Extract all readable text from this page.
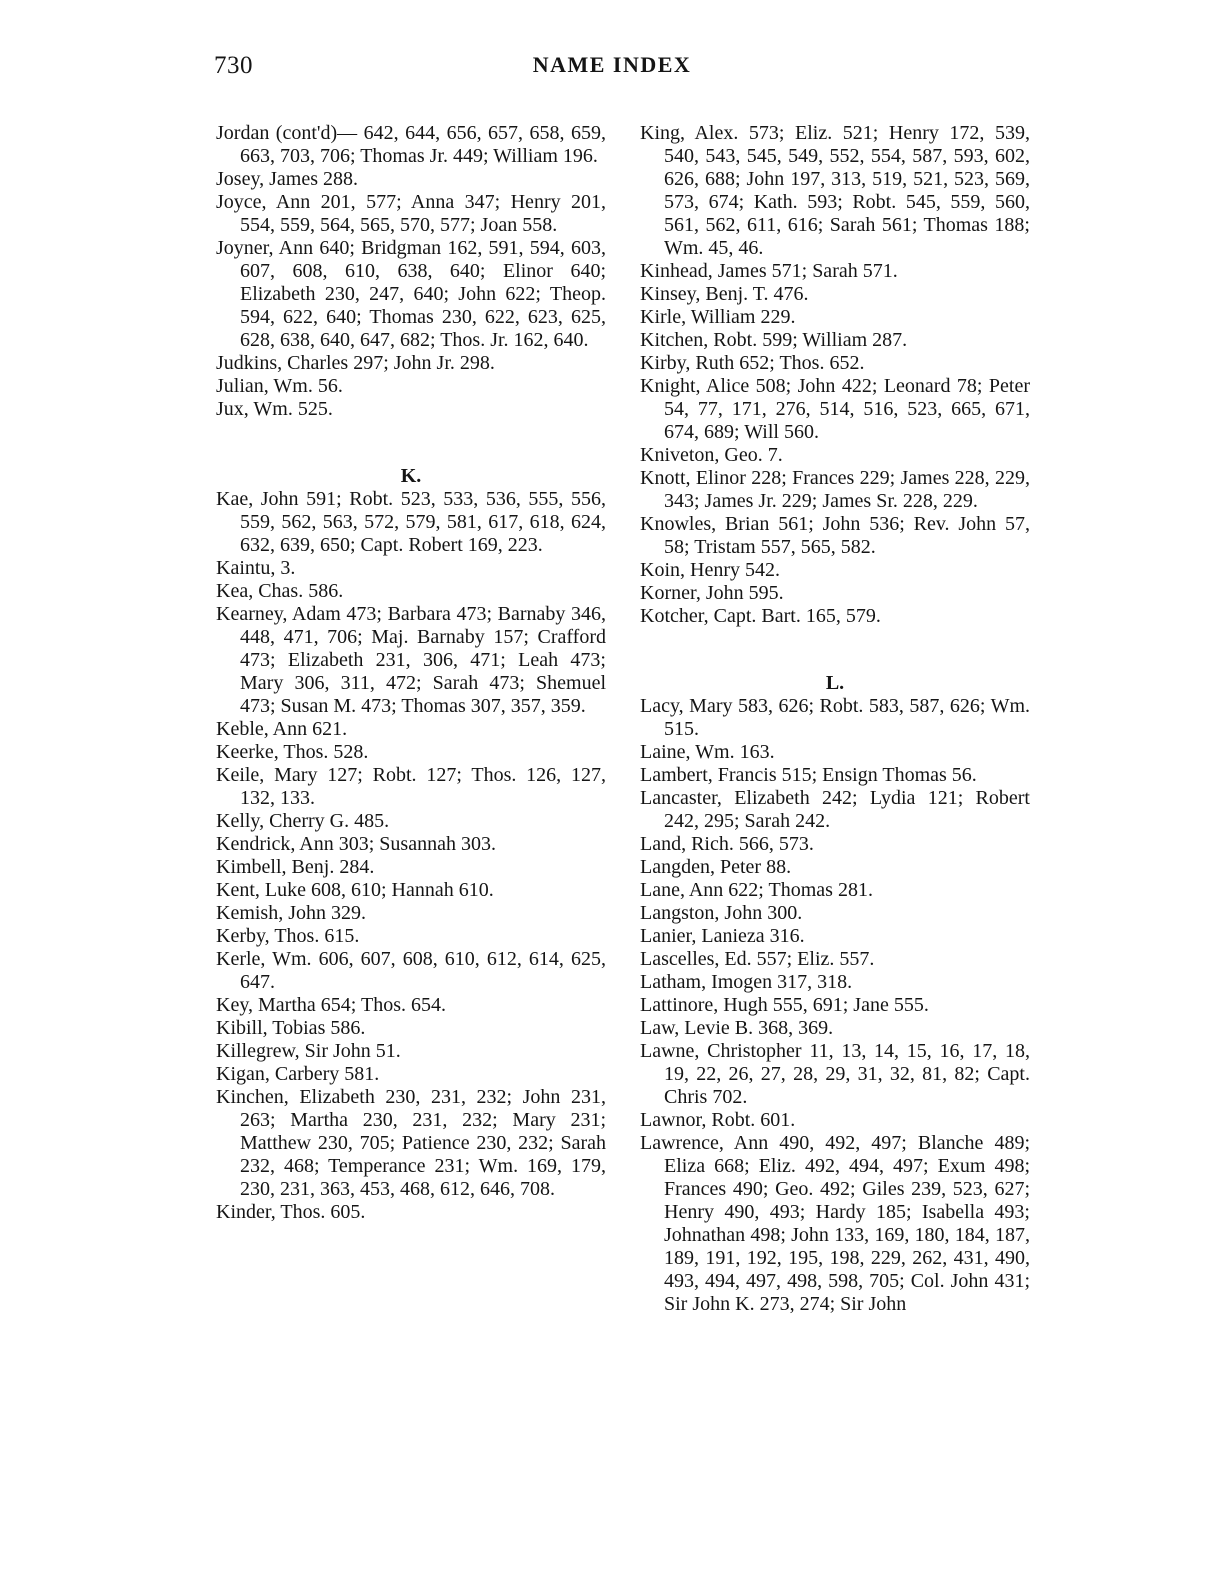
730	NAME INDEX
Jordan (cont'd)— 642, 644, 656, 657, 658, 659, 663, 703, 706; Thomas Jr. 449; William 196.
Josey, James 288.
Joyce, Ann 201, 577; Anna 347; Henry 201, 554, 559, 564, 565, 570, 577; Joan 558.
Joyner, Ann 640; Bridgman 162, 591, 594, 603, 607, 608, 610, 638, 640; Elinor 640; Elizabeth 230, 247, 640; John 622; Theop. 594, 622, 640; Thomas 230, 622, 623, 625, 628, 638, 640, 647, 682; Thos. Jr. 162, 640.
Judkins, Charles 297; John Jr. 298.
Julian, Wm. 56.
Jux, Wm. 525.
K.
Kae, John 591; Robt. 523, 533, 536, 555, 556, 559, 562, 563, 572, 579, 581, 617, 618, 624, 632, 639, 650; Capt. Robert 169, 223.
Kaintu, 3.
Kea, Chas. 586.
Kearney, Adam 473; Barbara 473; Barnaby 346, 448, 471, 706; Maj. Barnaby 157; Crafford 473; Elizabeth 231, 306, 471; Leah 473; Mary 306, 311, 472; Sarah 473; Shemuel 473; Susan M. 473; Thomas 307, 357, 359.
Keble, Ann 621.
Keerke, Thos. 528.
Keile, Mary 127; Robt. 127; Thos. 126, 127, 132, 133.
Kelly, Cherry G. 485.
Kendrick, Ann 303; Susannah 303.
Kimbell, Benj. 284.
Kent, Luke 608, 610; Hannah 610.
Kemish, John 329.
Kerby, Thos. 615.
Kerle, Wm. 606, 607, 608, 610, 612, 614, 625, 647.
Key, Martha 654; Thos. 654.
Kibill, Tobias 586.
Killegrew, Sir John 51.
Kigan, Carbery 581.
Kinchen, Elizabeth 230, 231, 232; John 231, 263; Martha 230, 231, 232; Mary 231; Matthew 230, 705; Patience 230, 232; Sarah 232, 468; Temperance 231; Wm. 169, 179, 230, 231, 363, 453, 468, 612, 646, 708.
Kinder, Thos. 605.
King, Alex. 573; Eliz. 521; Henry 172, 539, 540, 543, 545, 549, 552, 554, 587, 593, 602, 626, 688; John 197, 313, 519, 521, 523, 569, 573, 674; Kath. 593; Robt. 545, 559, 560, 561, 562, 611, 616; Sarah 561; Thomas 188; Wm. 45, 46.
Kinhead, James 571; Sarah 571.
Kinsey, Benj. T. 476.
Kirle, William 229.
Kitchen, Robt. 599; William 287.
Kirby, Ruth 652; Thos. 652.
Knight, Alice 508; John 422; Leonard 78; Peter 54, 77, 171, 276, 514, 516, 523, 665, 671, 674, 689; Will 560.
Kniveton, Geo. 7.
Knott, Elinor 228; Frances 229; James 228, 229, 343; James Jr. 229; James Sr. 228, 229.
Knowles, Brian 561; John 536; Rev. John 57, 58; Tristam 557, 565, 582.
Koin, Henry 542.
Korner, John 595.
Kotcher, Capt. Bart. 165, 579.
L.
Lacy, Mary 583, 626; Robt. 583, 587, 626; Wm. 515.
Laine, Wm. 163.
Lambert, Francis 515; Ensign Thomas 56.
Lancaster, Elizabeth 242; Lydia 121; Robert 242, 295; Sarah 242.
Land, Rich. 566, 573.
Langden, Peter 88.
Lane, Ann 622; Thomas 281.
Langston, John 300.
Lanier, Lanieza 316.
Lascelles, Ed. 557; Eliz. 557.
Latham, Imogen 317, 318.
Lattinore, Hugh 555, 691; Jane 555.
Law, Levie B. 368, 369.
Lawne, Christopher 11, 13, 14, 15, 16, 17, 18, 19, 22, 26, 27, 28, 29, 31, 32, 81, 82; Capt. Chris 702.
Lawnor, Robt. 601.
Lawrence, Ann 490, 492, 497; Blanche 489; Eliza 668; Eliz. 492, 494, 497; Exum 498; Frances 490; Geo. 492; Giles 239, 523, 627; Henry 490, 493; Hardy 185; Isabella 493; Johnathan 498; John 133, 169, 180, 184, 187, 189, 191, 192, 195, 198, 229, 262, 431, 490, 493, 494, 497, 498, 598, 705; Col. John 431; Sir John K. 273, 274; Sir John
